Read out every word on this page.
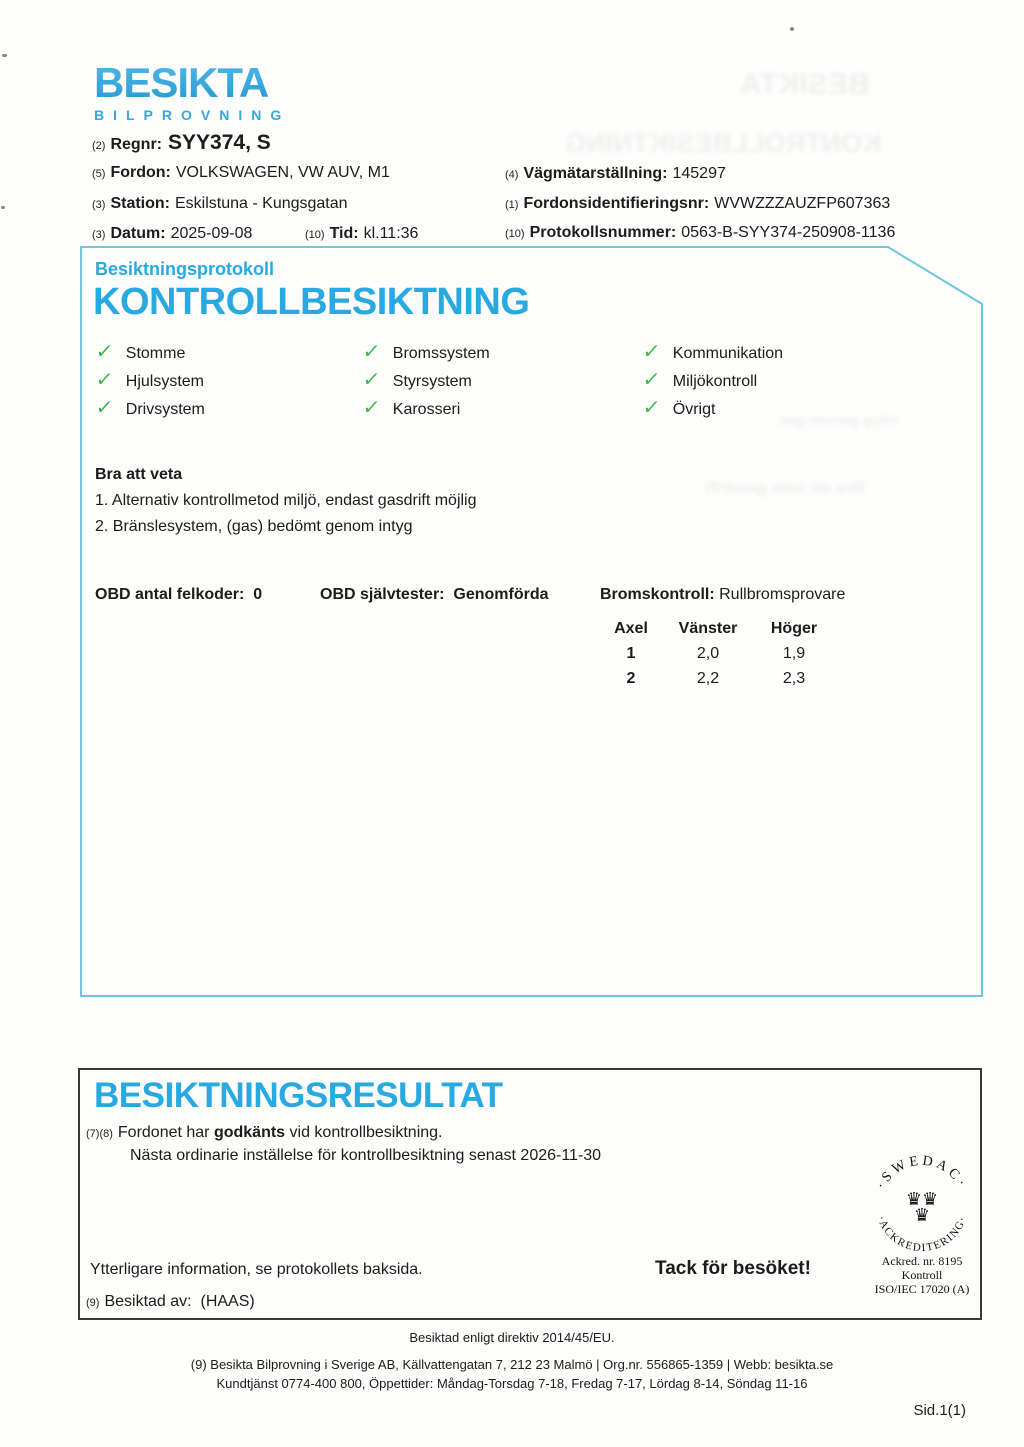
BESIKTA
KONTROLLBESIKTNING
intyg genom gas
Bra att veta gasdrift
BESIKTA
BILPROVNING
(2) Regnr: SYY374, S
(5) Fordon: VOLKSWAGEN, VW AUV, M1
(3) Station: Eskilstuna - Kungsgatan
(3) Datum: 2025-09-08	(10) Tid: kl.11:36
(4) Vägmätarställning: 145297
(1) Fordonsidentifieringsnr: WVWZZZAUZFP607363
(10) Protokollsnummer: 0563-B-SYY374-250908-1136
Besiktningsprotokoll
KONTROLLBESIKTNING
✓ Stomme
✓ Hjulsystem
✓ Drivsystem
✓ Bromssystem
✓ Styrsystem
✓ Karosseri
✓ Kommunikation
✓ Miljökontroll
✓ Övrigt
Bra att veta
1. Alternativ kontrollmetod miljö, endast gasdrift möjlig
2. Bränslesystem, (gas) bedömt genom intyg
OBD antal felkoder: 0	OBD självtester: Genomförda	Bromskontroll: Rullbromsprovare
Axel	Vänster	Höger
1	2,0	1,9
2	2,2	2,3
BESIKTNINGSRESULTAT
(7)(8) Fordonet har godkänts vid kontrollbesiktning.
Nästa ordinarie inställelse för kontrollbesiktning senast 2026-11-30
·SWEDAC·
·ACKREDITERING·
♛♛
♛
Ackred. nr. 8195
Kontroll
ISO/IEC 17020 (A)
Ytterligare information, se protokollets baksida.	Tack för besöket!
(9) Besiktad av: (HAAS)
Besiktad enligt direktiv 2014/45/EU.
(9) Besikta Bilprovning i Sverige AB, Källvattengatan 7, 212 23 Malmö | Org.nr. 556865-1359 | Webb: besikta.se
Kundtjänst 0774-400 800, Öppettider: Måndag-Torsdag 7-18, Fredag 7-17, Lördag 8-14, Söndag 11-16
Sid.1(1)
